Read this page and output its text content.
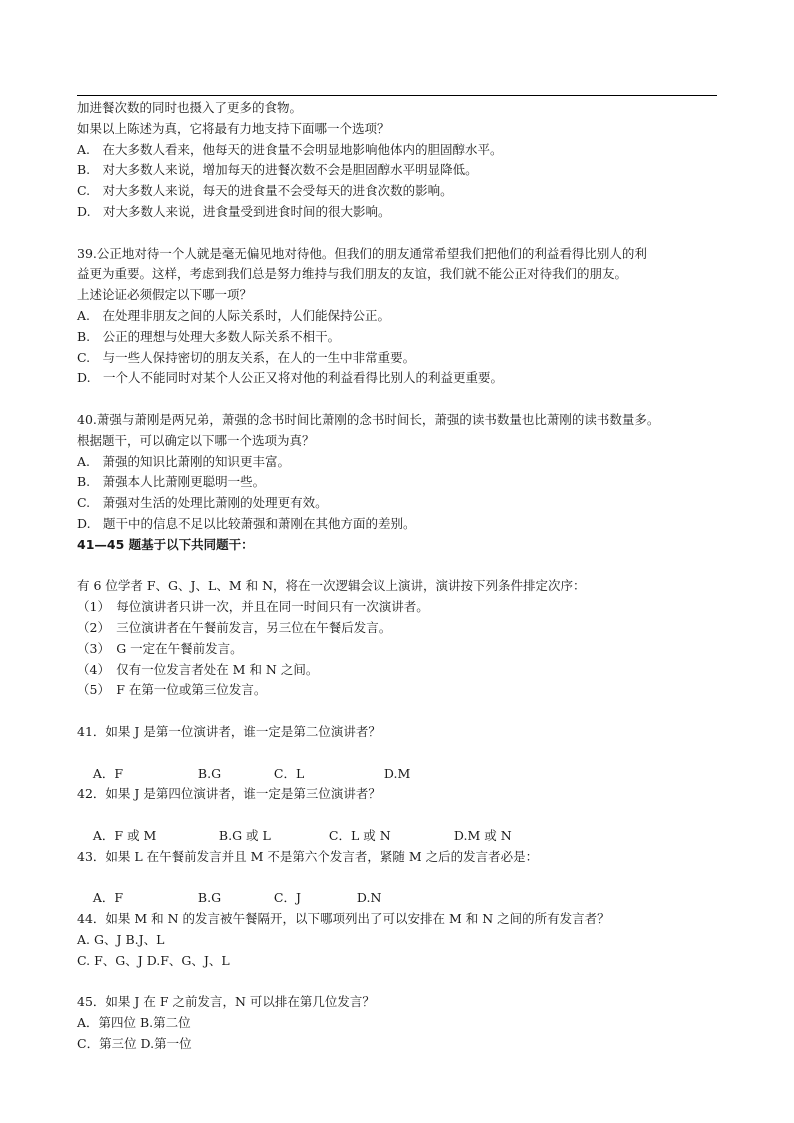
加进餐次数的同时也摄入了更多的食物。
如果以上陈述为真，它将最有力地支持下面哪一个选项？
A.　在大多数人看来，他每天的进食量不会明显地影响他体内的胆固醇水平。
B.　对大多数人来说，增加每天的进餐次数不会是胆固醇水平明显降低。
C.　对大多数人来说，每天的进食量不会受每天的进食次数的影响。
D.　对大多数人来说，进食量受到进食时间的很大影响。
39.公正地对待一个人就是毫无偏见地对待他。但我们的朋友通常希望我们把他们的利益看得比别人的利
益更为重要。这样，考虑到我们总是努力维持与我们朋友的友谊，我们就不能公正对待我们的朋友。
上述论证必须假定以下哪一项？
A.　在处理非朋友之间的人际关系时，人们能保持公正。
B.　公正的理想与处理大多数人际关系不相干。
C.　与一些人保持密切的朋友关系，在人的一生中非常重要。
D.　一个人不能同时对某个人公正又将对他的利益看得比别人的利益更重要。
40.萧强与萧刚是两兄弟，萧强的念书时间比萧刚的念书时间长，萧强的读书数量也比萧刚的读书数量多。
根据题干，可以确定以下哪一个选项为真？
A.　萧强的知识比萧刚的知识更丰富。
B.　萧强本人比萧刚更聪明一些。
C.　萧强对生活的处理比萧刚的处理更有效。
D.　题干中的信息不足以比较萧强和萧刚在其他方面的差别。
41—45 题基于以下共同题干：
有 6 位学者 F、G、J、L、M 和 N，将在一次逻辑会议上演讲，演讲按下列条件排定次序：
（1）　每位演讲者只讲一次，并且在同一时间只有一次演讲者。
（2）　三位演讲者在午餐前发言，另三位在午餐后发言。
（3）　G 一定在午餐前发言。
（4）　仅有一位发言者处在 M 和 N 之间。
（5）　F 在第一位或第三位发言。
41．如果 J 是第一位演讲者，谁一定是第二位演讲者？

A．F	B.G	C．L	D.M

42．如果 J 是第四位演讲者，谁一定是第三位演讲者？

A．F 或 M	B.G 或 L	C．L 或 N	D.M 或 N

43．如果 L 在午餐前发言并且 M 不是第六个发言者，紧随 M 之后的发言者必是：

A．F	B.G	C．J	D.N

44．如果 M 和 N 的发言被午餐隔开，以下哪项列出了可以安排在 M 和 N 之间的所有发言者？
A. G、J B.J、L
C. F、G、J D.F、G、J、L
45．如果 J 在 F 之前发言，N 可以排在第几位发言？
A．第四位 B.第二位
C．第三位 D.第一位
